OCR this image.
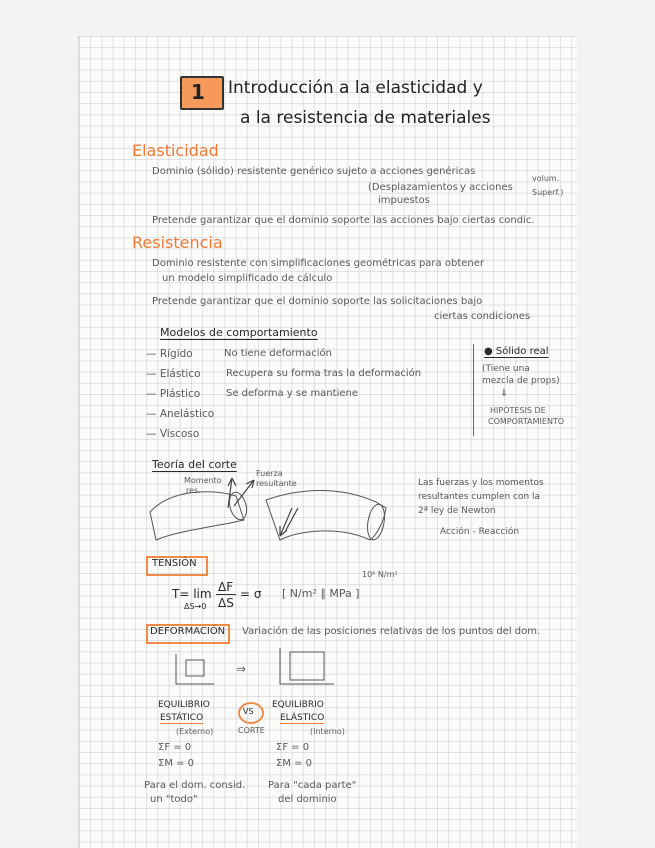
1 Introducción a la elasticidad y
a la resistencia de materiales
Elasticidad
Dominio (sólido) resistente genérico sujeto a acciones genéricas
(Desplazamientos
impuestos
y acciones
volum.
Superf.)
Pretende garantizar que el dominio soporte las acciones bajo ciertas condic.
Resistencia
Dominio resistente con simplificaciones geométricas para obtener
un modelo simplificado de cálculo
Pretende garantizar que el dominio soporte las solicitaciones bajo
ciertas condiciones
Modelos de comportamiento
— Rígido	No tiene deformación
— Elástico	Recupera su forma tras la deformación
— Plástico	Se deforma y se mantiene
— Anelástico
— Viscoso
● Sólido real
(Tiene una
mezcla de props)
⇓
HIPÓTESIS DE
COMPORTAMIENTO
Teoría del corte
Momento
res.
Fuerza
resultante	Las fuerzas y los momentos
resultantes cumplen con la
2ª ley de Newton
Acción - Reacción
TENSIÓN
T= lim
ΔS→0
ΔF
ΔS
= σ [ N/m² ∥ MPa ]
10⁶ N/m²
DEFORMACIÓN Variación de las posiciones relativas de los puntos del dom.
⇒
EQUILIBRIO
ESTÁTICO
(Externo)
VS
CORTE
EQUILIBRIO
ELÁSTICO
(Interno)
ΣF = 0
ΣM = 0
ΣF = 0
ΣM = 0
Para el dom. consid.
un "todo"
Para "cada parte"
del dominio
